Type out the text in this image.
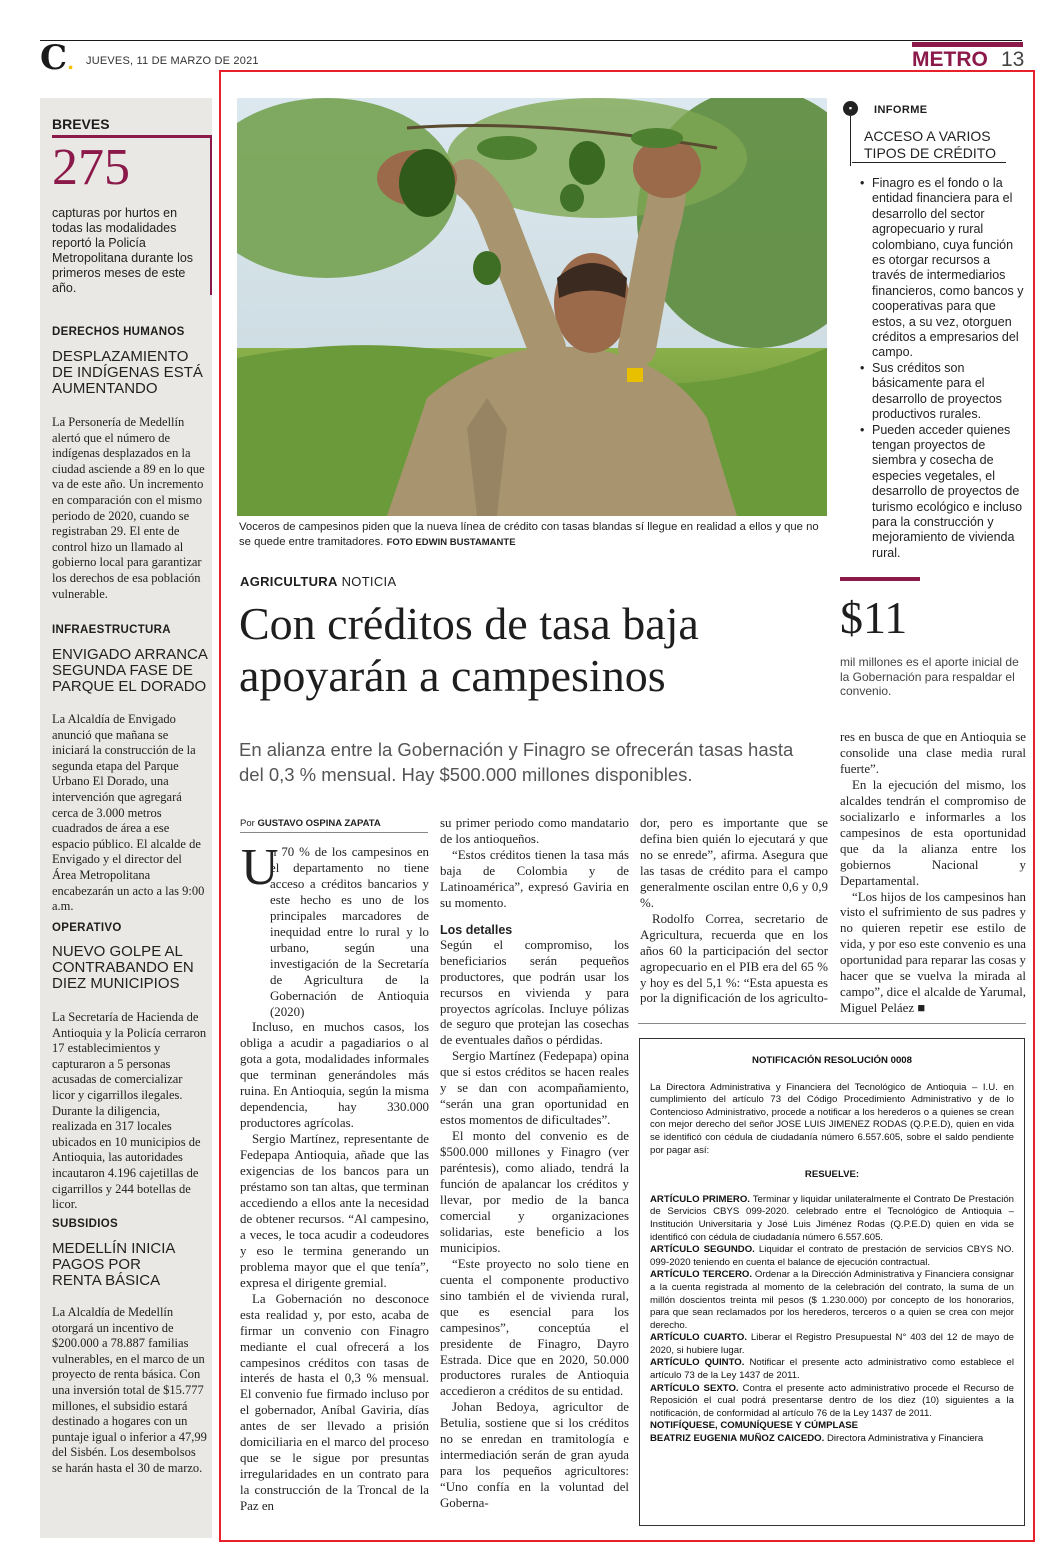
C. JUEVES, 11 DE MARZO DE 2021	METRO 13
BREVES
275
capturas por hurtos en todas las modalidades reportó la Policía Metropolitana durante los primeros meses de este año.
DERECHOS HUMANOS
DESPLAZAMIENTO DE INDÍGENAS ESTÁ AUMENTANDO
La Personería de Medellín alertó que el número de indígenas desplazados en la ciudad asciende a 89 en lo que va de este año. Un incremento en comparación con el mismo periodo de 2020, cuando se registraban 29. El ente de control hizo un llamado al gobierno local para garantizar los derechos de esa población vulnerable.
INFRAESTRUCTURA
ENVIGADO ARRANCA SEGUNDA FASE DE PARQUE EL DORADO
La Alcaldía de Envigado anunció que mañana se iniciará la construcción de la segunda etapa del Parque Urbano El Dorado, una intervención que agregará cerca de 3.000 metros cuadrados de área a ese espacio público. El alcalde de Envigado y el director del Área Metropolitana encabezarán un acto a las 9:00 a.m.
OPERATIVO
NUEVO GOLPE AL CONTRABANDO EN DIEZ MUNICIPIOS
La Secretaría de Hacienda de Antioquia y la Policía cerraron 17 establecimientos y capturaron a 5 personas acusadas de comercializar licor y cigarrillos ilegales. Durante la diligencia, realizada en 317 locales ubicados en 10 municipios de Antioquia, las autoridades incautaron 4.196 cajetillas de cigarrillos y 244 botellas de licor.
SUBSIDIOS
MEDELLÍN INICIA PAGOS POR RENTA BÁSICA
La Alcaldía de Medellín otorgará un incentivo de $200.000 a 78.887 familias vulnerables, en el marco de un proyecto de renta básica. Con una inversión total de $15.777 millones, el subsidio estará destinado a hogares con un puntaje igual o inferior a 47,99 del Sisbén. Los desembolsos se harán hasta el 30 de marzo.
Voceros de campesinos piden que la nueva línea de crédito con tasas blandas sí llegue en realidad a ellos y que no se quede entre tramitadores. FOTO EDWIN BUSTAMANTE
▪	INFORME
ACCESO A VARIOS TIPOS DE CRÉDITO
• Finagro es el fondo o la entidad financiera para el desarrollo del sector agropecuario y rural colombiano, cuya función es otorgar recursos a través de intermediarios financieros, como bancos y cooperativas para que estos, a su vez, otorguen créditos a empresarios del campo.
• Sus créditos son básicamente para el desarrollo de proyectos productivos rurales.
• Pueden acceder quienes tengan proyectos de siembra y cosecha de especies vegetales, el desarrollo de proyectos de turismo ecológico e incluso para la construcción y mejoramiento de vivienda rural.
AGRICULTURA NOTICIA
Con créditos de tasa baja
apoyarán a campesinos
En alianza entre la Gobernación y Finagro se ofrecerán tasas hasta del 0,3 % mensual. Hay $500.000 millones disponibles.
$11
mil millones es el aporte inicial de la Gobernación para respaldar el convenio.
Por GUSTAVO OSPINA ZAPATA
U

n 70 % de los campesinos en el departamento no tiene acceso a créditos bancarios y este hecho es uno de los principales marcadores de inequidad entre lo rural y lo urbano, según una investigación de la Secretaría de Agricultura de la Gobernación de Antioquia (2020)

Incluso, en muchos casos, los obliga a acudir a pagadiarios o al gota a gota, modalidades informales que terminan generándoles más ruina. En Antioquia, según la misma dependencia, hay 330.000 productores agrícolas.

Sergio Martínez, representante de Fedepapa Antioquia, añade que las exigencias de los bancos para un préstamo son tan altas, que terminan accediendo a ellos ante la necesidad de obtener recursos. “Al campesino, a veces, le toca acudir a codeudores y eso le termina generando un problema mayor que el que tenía”, expresa el dirigente gremial.

La Gobernación no desconoce esta realidad y, por esto, acaba de firmar un convenio con Finagro mediante el cual ofrecerá a los campesinos créditos con tasas de interés de hasta el 0,3 % mensual. El convenio fue firmado incluso por el gobernador, Aníbal Gaviria, días antes de ser llevado a prisión domiciliaria en el marco del proceso que se le sigue por presuntas irregularidades en un contrato para la construcción de la Troncal de la Paz en

su primer periodo como mandatario de los antioqueños.

“Estos créditos tienen la tasa más baja de Colombia y de Latinoamérica”, expresó Gaviria en su momento.

Los detalles

Según el compromiso, los beneficiarios serán pequeños productores, que podrán usar los recursos en vivienda y para proyectos agrícolas. Incluye pólizas de seguro que protejan las cosechas de eventuales daños o pérdidas.

Sergio Martínez (Fedepapa) opina que si estos créditos se hacen reales y se dan con acompañamiento, “serán una gran oportunidad en estos momentos de dificultades”.

El monto del convenio es de $500.000 millones y Finagro (ver paréntesis), como aliado, tendrá la función de apalancar los créditos y llevar, por medio de la banca comercial y organizaciones solidarias, este beneficio a los municipios.

“Este proyecto no solo tiene en cuenta el componente productivo sino también el de vivienda rural, que es esencial para los campesinos”, conceptúa el presidente de Finagro, Dayro Estrada. Dice que en 2020, 50.000 productores rurales de Antioquia accedieron a créditos de su entidad.

Johan Bedoya, agricultor de Betulia, sostiene que si los créditos no se enredan en tramitología e intermediación serán de gran ayuda para los pequeños agricultores: “Uno confía en la voluntad del Goberna-

dor, pero es importante que se defina bien quién lo ejecutará y que no se enrede”, afirma. Asegura que las tasas de crédito para el campo generalmente oscilan entre 0,6 y 0,9 %.

Rodolfo Correa, secretario de Agricultura, recuerda que en los años 60 la participación del sector agropecuario en el PIB era del 65 % y hoy es del 5,1 %: “Esta apuesta es por la dignificación de los agriculto-

res en busca de que en Antioquia se consolide una clase media rural fuerte”.

En la ejecución del mismo, los alcaldes tendrán el compromiso de socializarlo e informarles a los campesinos de esta oportunidad que da la alianza entre los gobiernos Nacional y Departamental.

“Los hijos de los campesinos han visto el sufrimiento de sus padres y no quieren repetir ese estilo de vida, y por eso este convenio es una oportunidad para reparar las cosas y hacer que se vuelva la mirada al campo”, dice el alcalde de Yarumal, Miguel Peláez ■

NOTIFICACIÓN RESOLUCIÓN 0008
La Directora Administrativa y Financiera del Tecnológico de Antioquia – I.U. en cumplimiento del artículo 73 del Código Procedimiento Administrativo y de lo Contencioso Administrativo, procede a notificar a los herederos o a quienes se crean con mejor derecho del señor JOSE LUIS JIMENEZ RODAS (Q.P.E.D), quien en vida se identificó con cédula de ciudadanía número 6.557.605, sobre el saldo pendiente por pagar así:
RESUELVE:
ARTÍCULO PRIMERO. Terminar y liquidar unilateralmente el Contrato De Prestación de Servicios CBYS 099-2020. celebrado entre el Tecnológico de Antioquia –Institución Universitaria y José Luis Jiménez Rodas (Q.P.E.D) quien en vida se identificó con cédula de ciudadanía número 6.557.605.
ARTÍCULO SEGUNDO. Liquidar el contrato de prestación de servicios CBYS NO. 099-2020 teniendo en cuenta el balance de ejecución contractual.
ARTÍCULO TERCERO. Ordenar a la Dirección Administrativa y Financiera consignar a la cuenta registrada al momento de la celebración del contrato, la suma de un millón doscientos treinta mil pesos ($ 1.230.000) por concepto de los honorarios, para que sean reclamados por los herederos, terceros o a quien se crea con mejor derecho.
ARTÍCULO CUARTO. Liberar el Registro Presupuestal N° 403 del 12 de mayo de 2020, si hubiere lugar.
ARTÍCULO QUINTO. Notificar el presente acto administrativo como establece el artículo 73 de la Ley 1437 de 2011.
ARTÍCULO SEXTO. Contra el presente acto administrativo procede el Recurso de Reposición el cual podrá presentarse dentro de los diez (10) siguientes a la notificación, de conformidad al artículo 76 de la Ley 1437 de 2011.
NOTIFÍQUESE, COMUNÍQUESE Y CÚMPLASE
BEATRIZ EUGENIA MUÑOZ CAICEDO. Directora Administrativa y Financiera
